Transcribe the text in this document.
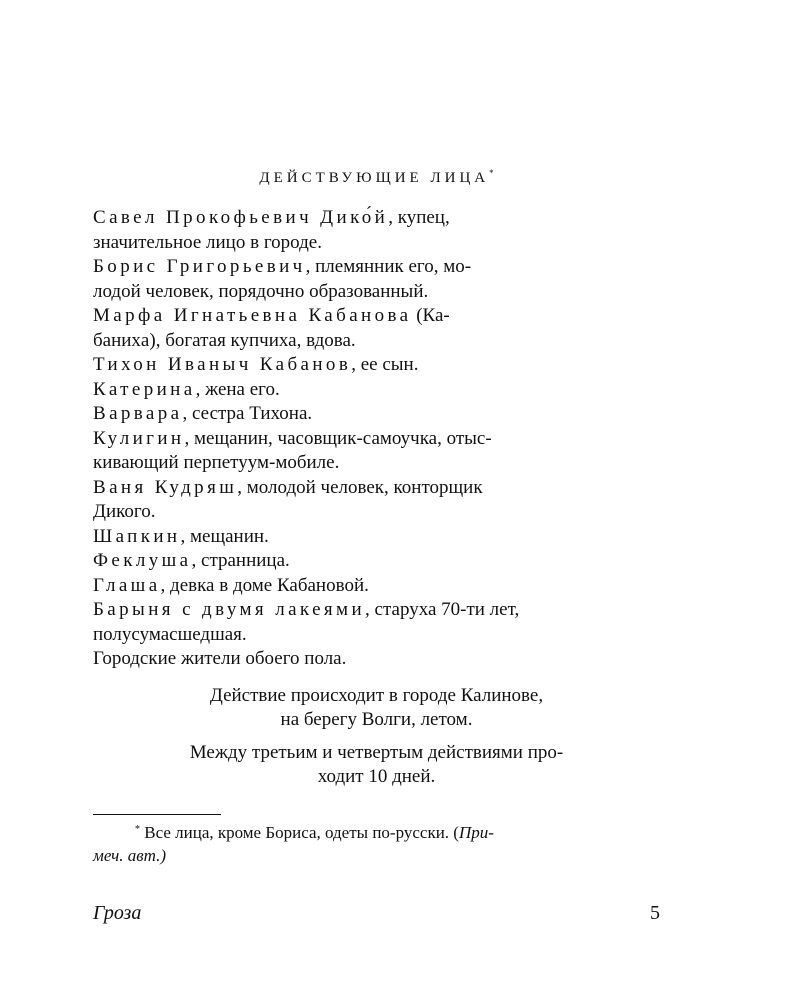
ДЕЙСТВУЮЩИЕ ЛИЦА*
Савел Прокофьевич Дико́й, купец,
значительное лицо в городе.
Борис Григорьевич, племянник его, мо-
лодой человек, порядочно образованный.
Марфа Игнатьевна Кабанова (Ка-
банихa), богатая купчиха, вдова.
Тихон Иваныч Кабанов, ее сын.
Катерина, жена его.
Варвара, сестра Тихона.
Кулигин, мещанин, часовщик-самоучка, отыс-
кивающий перпетуум-мобиле.
Ваня Кудряш, молодой человек, конторщик
Дикого.
Шапкин, мещанин.
Феклуша, странница.
Глаша, девка в доме Кабановой.
Барыня с двумя лакеями, старуха 70-ти лет,
полусумасшедшая.
Городские жители обоего пола.

Действие происходит в городе Калинове,
на берегу Волги, летом.

Между третьим и четвертым действиями про-
ходит 10 дней.

* Все лица, кроме Бориса, одеты по-русски. (При-
меч. авт.)
Гроза	5
